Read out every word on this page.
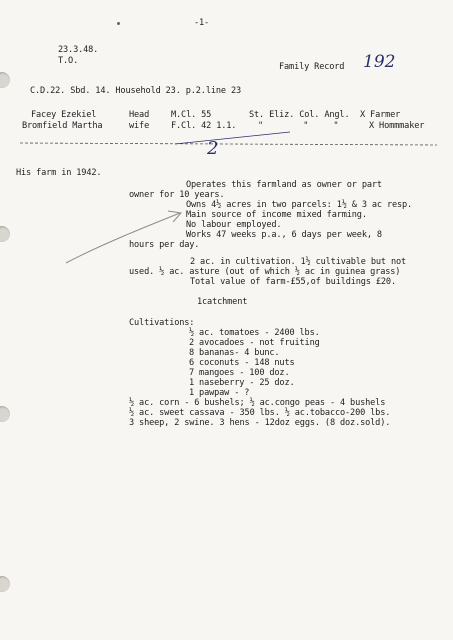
-1-
23.3.48.
T.O.
Family Record 192
C.D.22. Sbd. 14. Household 23. p.2.line 23
Facey Ezekiel	Head	M.Cl. 55	St. Eliz. Col. Angl. X Farmer
Bromfield Martha	wife	F.Cl. 42 1.1.	"        "     "	X Hommmaker
2
His farm in 1942.
Operates this farmland as owner or part
owner for 10 years.
Owns 4½ acres in two parcels: 1½ & 3 ac resp.
Main source of income mixed farming.
No labour employed.
Works 47 weeks p.a., 6 days per week, 8
hours per day.
2 ac. in cultivation. 1½ cultivable but not
used. ½ ac. asture (out of which ½ ac in guinea grass)
Total value of farm-£55,of buildings £20.
1catchment
Cultivations:
½ ac. tomatoes - 2400 lbs.
2 avocadoes - not fruiting
8 bananas- 4 bunc.
6 coconuts - 148 nuts
7 mangoes - 100 doz.
1 naseberry - 25 doz.
1 pawpaw - ?
½ ac. corn - 6 bushels; ½ ac.congo peas - 4 bushels
½ ac. sweet cassava - 350 lbs. ½ ac.tobacco-200 lbs.
3 sheep, 2 swine. 3 hens - 12doz eggs. (8 doz.sold).
